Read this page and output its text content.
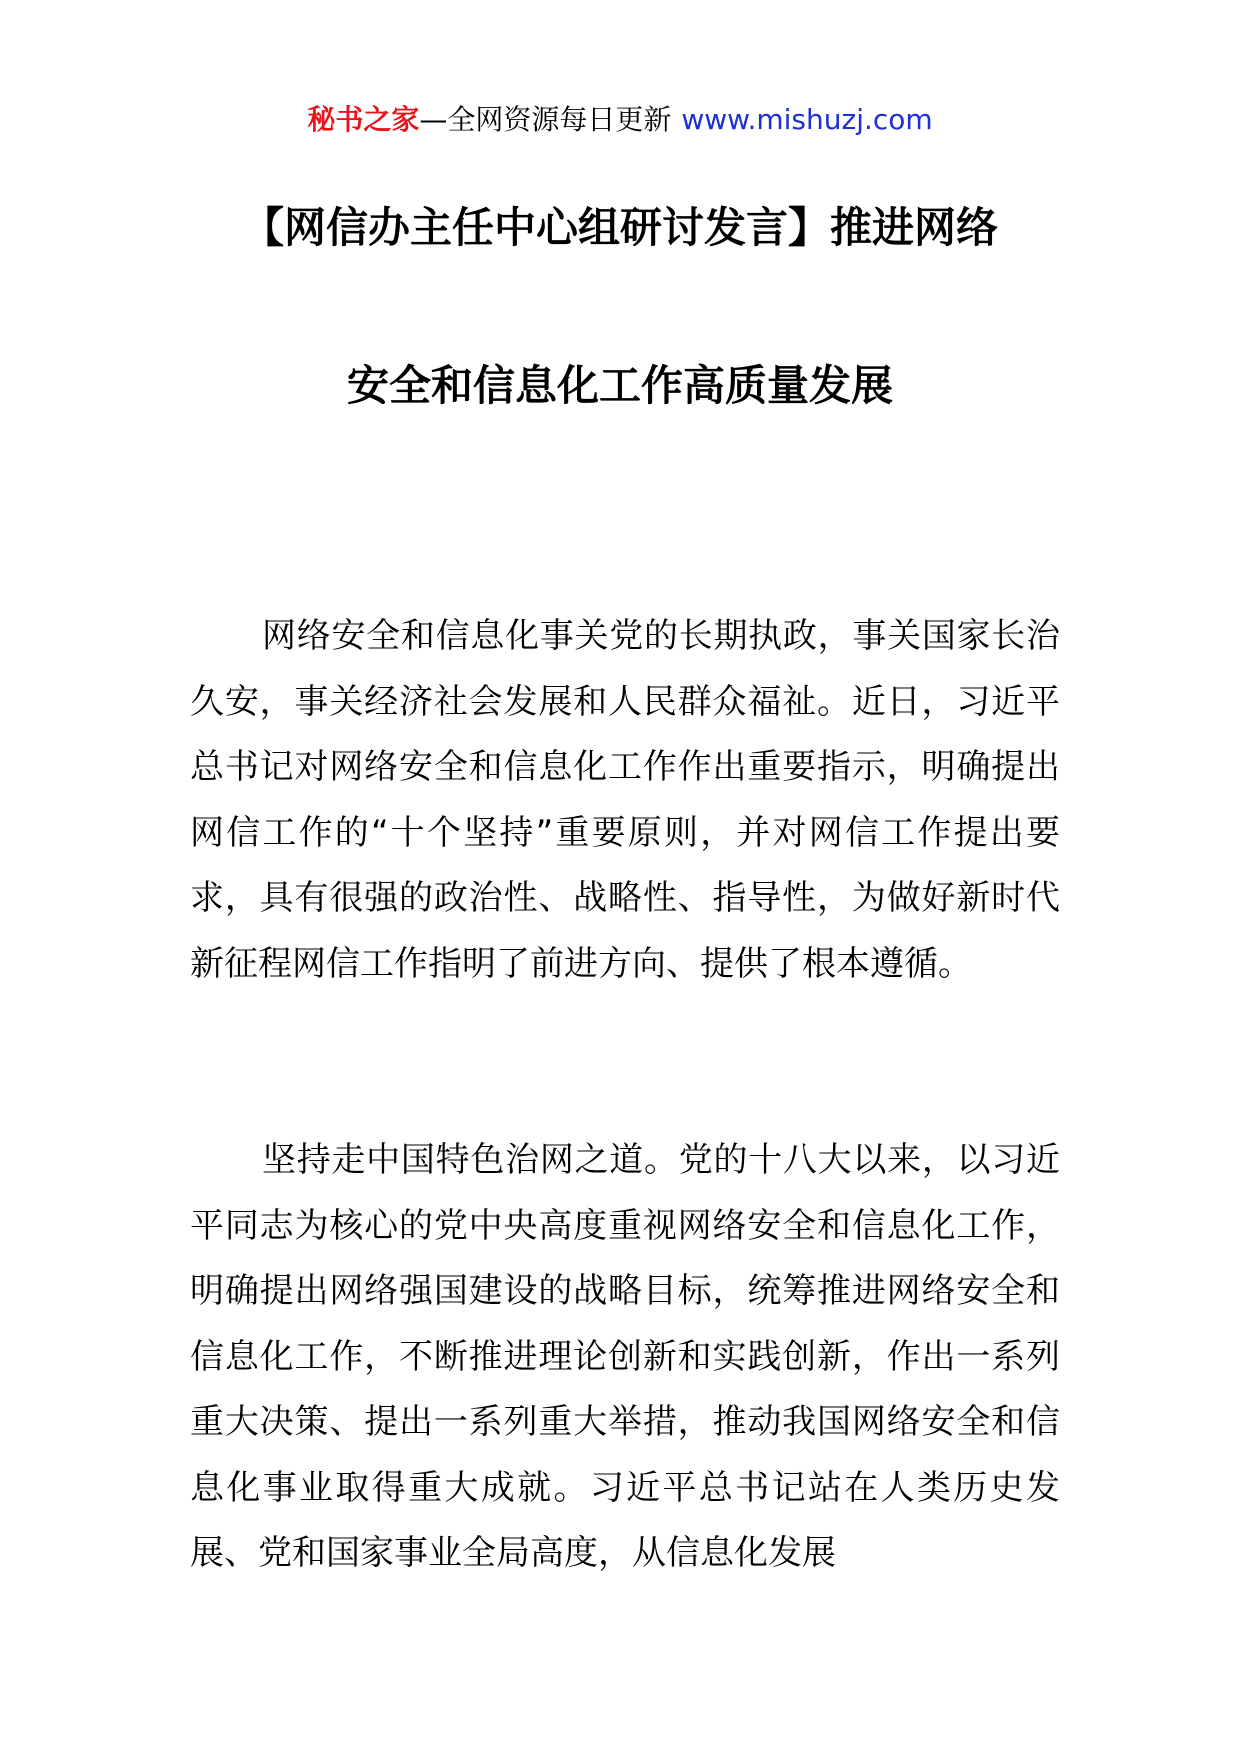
秘书之家—全网资源每日更新 www.mishuzj.com
【网信办主任中心组研讨发言】推进网络
安全和信息化工作高质量发展

网络安全和信息化事关党的长期执政，事关国家长治久安，事关经济社会发展和人民群众福祉。近日，习近平总书记对网络安全和信息化工作作出重要指示，明确提出网信工作的“十个坚持”重要原则，并对网信工作提出要求，具有很强的政治性、战略性、指导性，为做好新时代新征程网信工作指明了前进方向、提供了根本遵循。

坚持走中国特色治网之道。党的十八大以来，以习近平同志为核心的党中央高度重视网络安全和信息化工作，明确提出网络强国建设的战略目标，统筹推进网络安全和信息化工作，不断推进理论创新和实践创新，作出一系列重大决策、提出一系列重大举措，推动我国网络安全和信息化事业取得重大成就。习近平总书记站在人类历史发展、党和国家事业全局高度，从信息化发展
